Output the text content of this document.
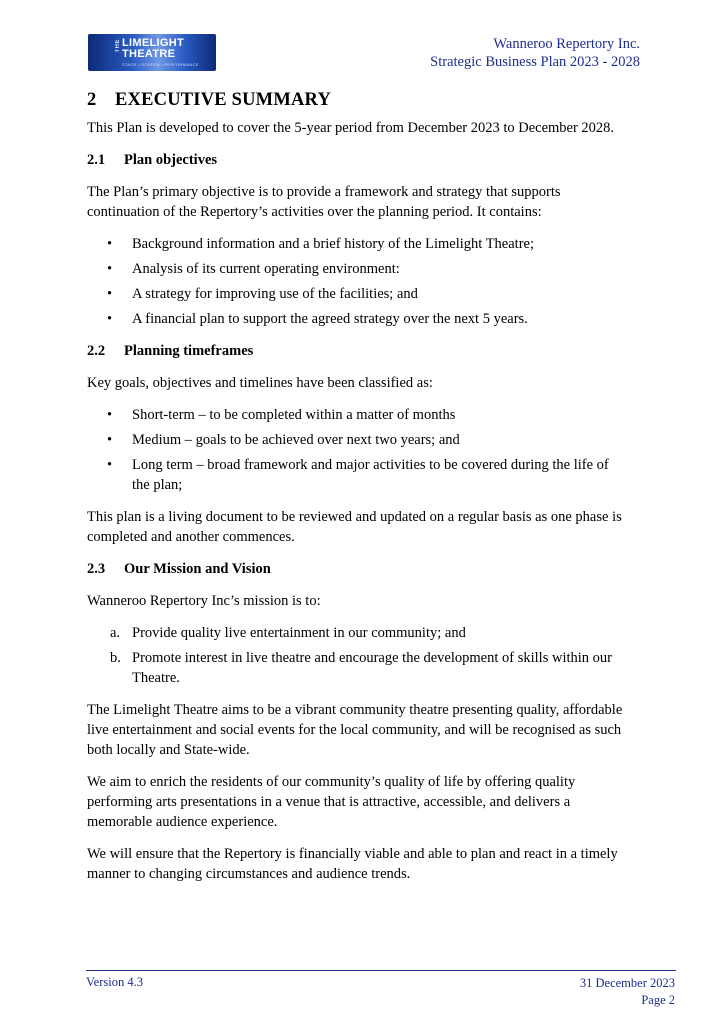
THE LIMELIGHT
THEATRE
STAGE • SCREEN • PERFORMANCE
Wanneroo Repertory Inc.
Strategic Business Plan 2023 - 2028
2 EXECUTIVE SUMMARY

This Plan is developed to cover the 5-year period from December 2023 to December 2028.

2.1 Plan objectives

The Plan’s primary objective is to provide a framework and strategy that supports continuation of the Repertory’s activities over the planning period. It contains:

• Background information and a brief history of the Limelight Theatre;
• Analysis of its current operating environment:
• A strategy for improving use of the facilities; and
• A financial plan to support the agreed strategy over the next 5 years.
2.2 Planning timeframes

Key goals, objectives and timelines have been classified as:

• Short-term – to be completed within a matter of months
• Medium – goals to be achieved over next two years; and
• Long term – broad framework and major activities to be covered during the life of the plan;

This plan is a living document to be reviewed and updated on a regular basis as one phase is completed and another commences.

2.3 Our Mission and Vision

Wanneroo Repertory Inc’s mission is to:

a. Provide quality live entertainment in our community; and
b. Promote interest in live theatre and encourage the development of skills within our Theatre.

The Limelight Theatre aims to be a vibrant community theatre presenting quality, affordable live entertainment and social events for the local community, and will be recognised as such both locally and State-wide.

We aim to enrich the residents of our community’s quality of life by offering quality performing arts presentations in a venue that is attractive, accessible, and delivers a memorable audience experience.

We will ensure that the Repertory is financially viable and able to plan and react in a timely manner to changing circumstances and audience trends.

Version 4.3	31 December 2023
Page 2
